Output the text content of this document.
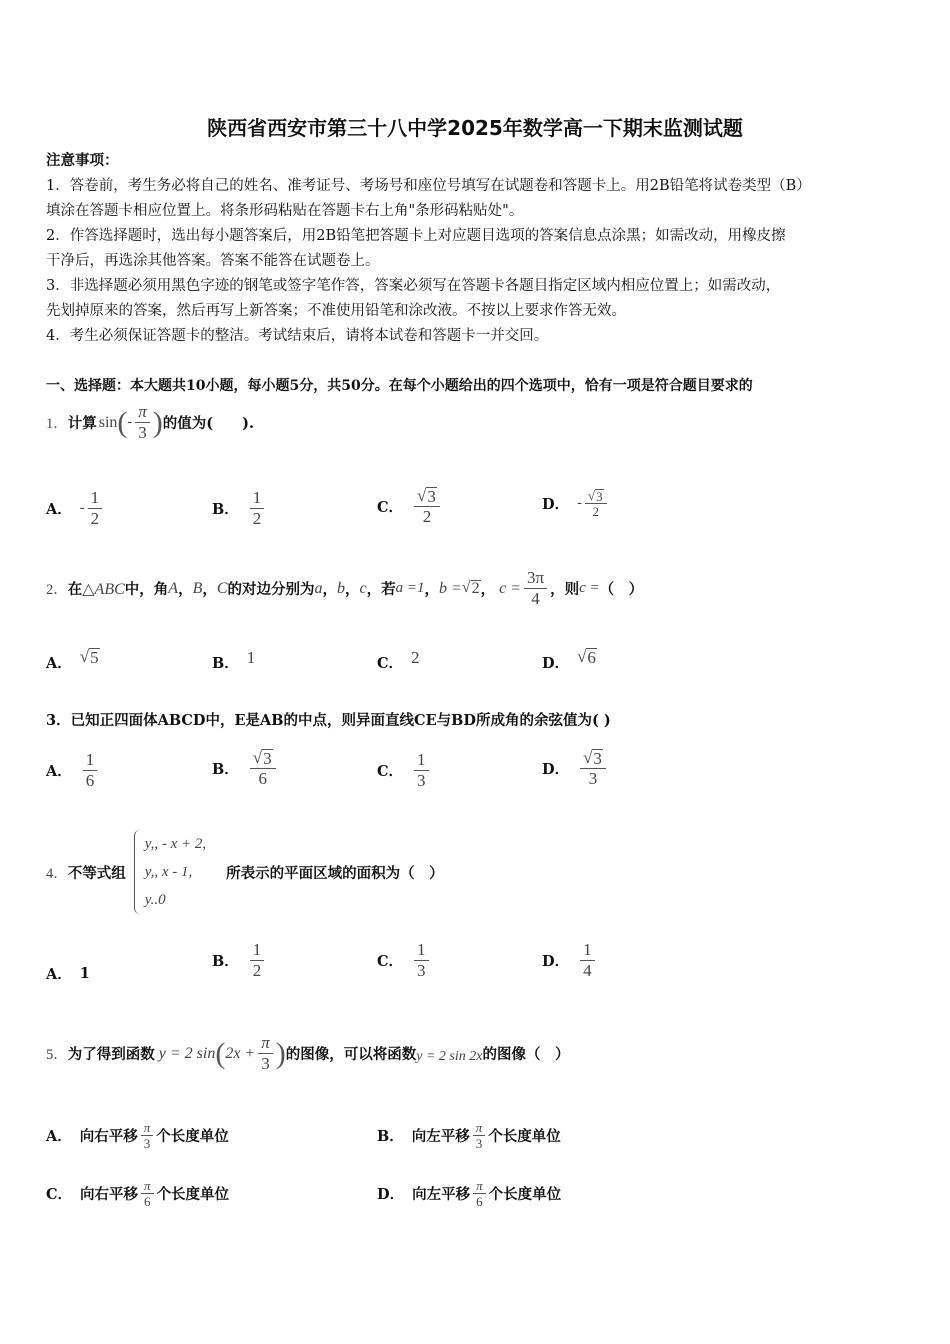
陕西省西安市第三十八中学2025年数学高一下期末监测试题
注意事项：
1．答卷前，考生务必将自己的姓名、准考证号、考场号和座位号填写在试题卷和答题卡上。用2B铅笔将试卷类型（B）
填涂在答题卡相应位置上。将条形码粘贴在答题卡右上角"条形码粘贴处"。
2．作答选择题时，选出每小题答案后，用2B铅笔把答题卡上对应题目选项的答案信息点涂黑；如需改动，用橡皮擦
干净后，再选涂其他答案。答案不能答在试题卷上。
3．非选择题必须用黑色字迹的钢笔或签字笔作答，答案必须写在答题卡各题目指定区域内相应位置上；如需改动，
先划掉原来的答案，然后再写上新答案；不准使用铅笔和涂改液。不按以上要求作答无效。
4．考生必须保证答题卡的整洁。考试结束后，请将本试卷和答题卡一并交回。
一、选择题：本大题共10小题，每小题5分，共50分。在每个小题给出的四个选项中，恰有一项是符合题目要求的
1． 计算 sin ( - $\frac{\pi}{3}$ ) 的值为(　　).
A． - $\frac{1}{2}$	B． $\frac{1}{2}$	C． $\frac{√ 3}{2}$	D． - $\frac{√ 3}{2}$
2． 在 △ABC 中，角 A ， B ， C 的对边分别为 a ， b ， c ，若 a =1 ， b = √ 2 ， $c = \frac{3\pi}{4}$ ，则 c = （　）
A． √ 5	B． 1	C． 2	D． √ 6
3．已知正四面体ABCD中，E是AB的中点，则异面直线CE与BD所成角的余弦值为( )
A． $\frac{1}{6}$	B． $\frac{√ 3}{6}$	C． $\frac{1}{3}$	D． $\frac{√ 3}{3}$
4． 不等式组
y,, - x + 2,
y,, x - 1,
y..0
所表示的平面区域的面积为（　）
A． 1
B． $\frac{1}{2}$	C． $\frac{1}{3}$	D． $\frac{1}{4}$
5． 为了得到函数 y = 2 sin ( $2x + \frac{\pi}{3}$ ) 的图像，可以将函数 y = 2 sin 2x 的图像（　）
A． 向右平移 $\frac{\pi}{3}$ 个长度单位	B． 向左平移 $\frac{\pi}{3}$ 个长度单位
C． 向右平移 $\frac{\pi}{6}$ 个长度单位	D． 向左平移 $\frac{\pi}{6}$ 个长度单位
